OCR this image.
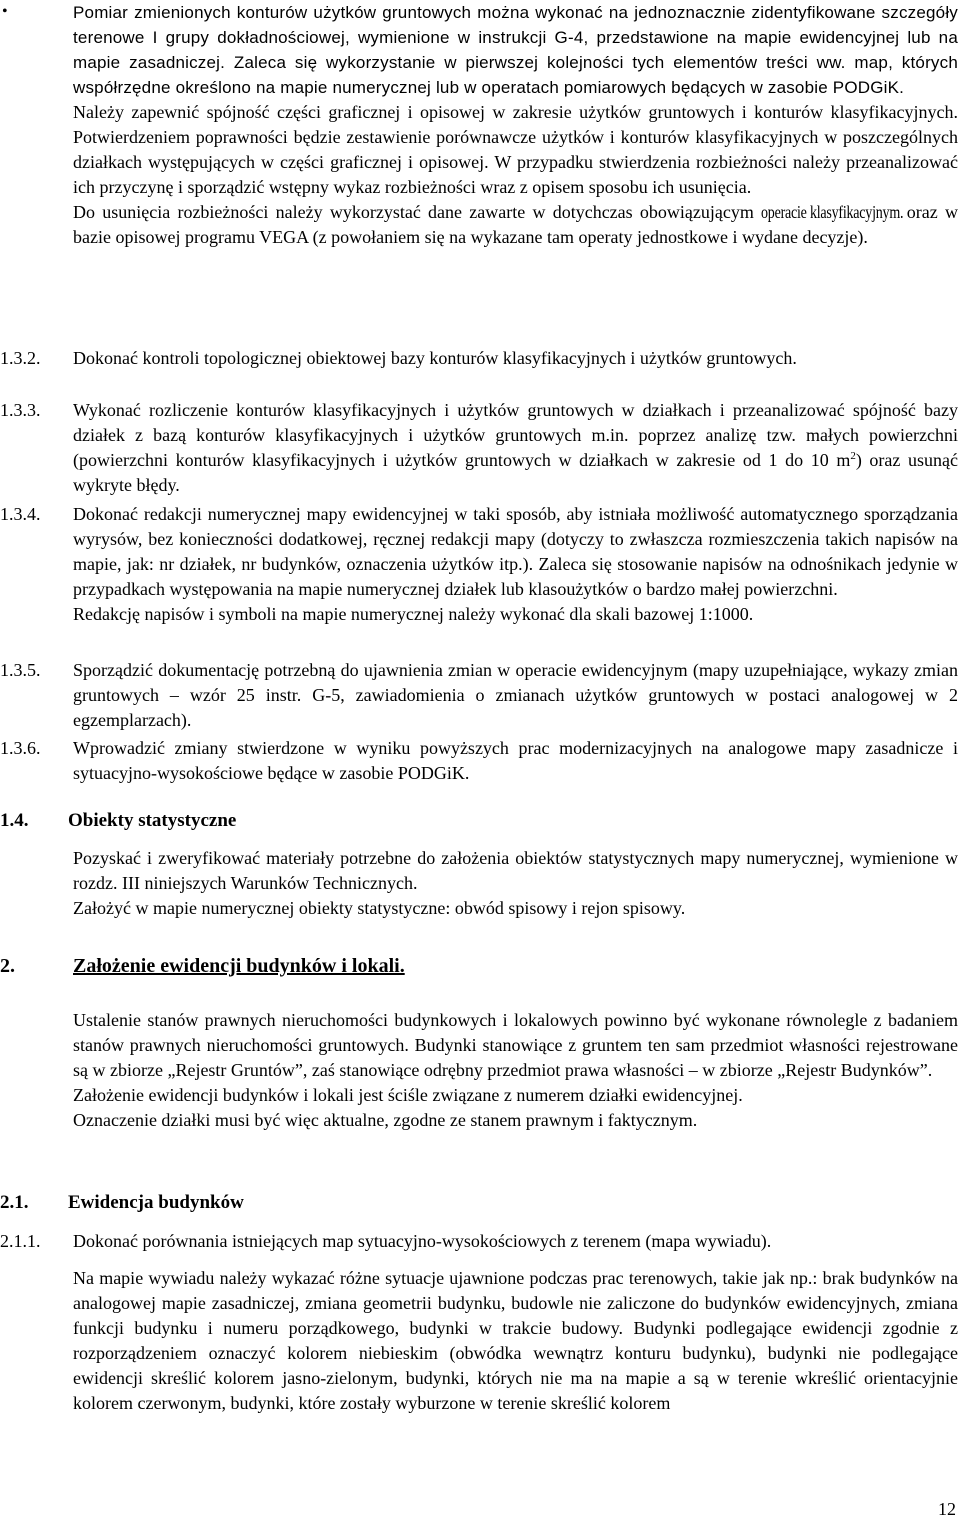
•	Pomiar zmienionych konturów użytków gruntowych można wykonać na jednoznacznie zidentyfikowane szczegóły terenowe I grupy dokładnościowej, wymienione w instrukcji G-4, przedstawione na mapie ewidencyjnej lub na mapie zasadniczej. Zaleca się wykorzystanie w pierwszej kolejności tych elementów treści ww. map, których współrzędne określono na mapie numerycznej lub w operatach pomiarowych będących w zasobie PODGiK.

Należy zapewnić spójność części graficznej i opisowej w zakresie użytków gruntowych i konturów klasyfikacyjnych. Potwierdzeniem poprawności będzie zestawienie porównawcze użytków i konturów klasyfikacyjnych w poszczególnych działkach występujących w części graficznej i opisowej. W przypadku stwierdzenia rozbieżności należy przeanalizować ich przyczynę i sporządzić wstępny wykaz rozbieżności wraz z opisem sposobu ich usunięcia.

Do usunięcia rozbieżności należy wykorzystać dane zawarte w dotychczas obowiązującym operacie klasyfikacyjnym. oraz w bazie opisowej programu VEGA (z powołaniem się na wykazane tam operaty jednostkowe i wydane decyzje).

1.3.2. Dokonać kontroli topologicznej obiektowej bazy konturów klasyfikacyjnych i użytków gruntowych.

1.3.3. Wykonać rozliczenie konturów klasyfikacyjnych i użytków gruntowych w działkach i przeanalizować spójność bazy działek z bazą konturów klasyfikacyjnych i użytków gruntowych m.in. poprzez analizę tzw. małych powierzchni (powierzchni konturów klasyfikacyjnych i użytków gruntowych w działkach w zakresie od 1 do 10 $m^2$) oraz usunąć wykryte błędy.

1.3.4. Dokonać redakcji numerycznej mapy ewidencyjnej w taki sposób, aby istniała możliwość automatycznego sporządzania wyrysów, bez konieczności dodatkowej, ręcznej redakcji mapy (dotyczy to zwłaszcza rozmieszczenia takich napisów na mapie, jak: nr działek, nr budynków, oznaczenia użytków itp.). Zaleca się stosowanie napisów na odnośnikach jedynie w przypadkach występowania na mapie numerycznej działek lub klasoużytków o bardzo małej powierzchni.

Redakcję napisów i symboli na mapie numerycznej należy wykonać dla skali bazowej 1:1000.

1.3.5. Sporządzić dokumentację potrzebną do ujawnienia zmian w operacie ewidencyjnym (mapy uzupełniające, wykazy zmian gruntowych – wzór 25 instr. G-5, zawiadomienia o zmianach użytków gruntowych w postaci analogowej w 2 egzemplarzach).

1.3.6. Wprowadzić zmiany stwierdzone w wyniku powyższych prac modernizacyjnych na analogowe mapy zasadnicze i sytuacyjno-wysokościowe będące w zasobie PODGiK.

1.4. Obiekty statystyczne

Pozyskać i zweryfikować materiały potrzebne do założenia obiektów statystycznych mapy numerycznej, wymienione w rozdz. III niniejszych Warunków Technicznych.

Założyć w mapie numerycznej obiekty statystyczne: obwód spisowy i rejon spisowy.

2.	Założenie ewidencji budynków i lokali.

Ustalenie stanów prawnych nieruchomości budynkowych i lokalowych powinno być wykonane równolegle z badaniem stanów prawnych nieruchomości gruntowych. Budynki stanowiące z gruntem ten sam przedmiot własności rejestrowane są w zbiorze „Rejestr Gruntów”, zaś stanowiące odrębny przedmiot prawa własności – w zbiorze „Rejestr Budynków”.

Założenie ewidencji budynków i lokali jest ściśle związane z numerem działki ewidencyjnej.

Oznaczenie działki musi być więc aktualne, zgodne ze stanem prawnym i faktycznym.

2.1. Ewidencja budynków
2.1.1. Dokonać porównania istniejących map sytuacyjno-wysokościowych z terenem (mapa wywiadu).

Na mapie wywiadu należy wykazać różne sytuacje ujawnione podczas prac terenowych, takie jak np.: brak budynków na analogowej mapie zasadniczej, zmiana geometrii budynku, budowle nie zaliczone do budynków ewidencyjnych, zmiana funkcji budynku i numeru porządkowego, budynki w trakcie budowy. Budynki podlegające ewidencji zgodnie z rozporządzeniem oznaczyć kolorem niebieskim (obwódka wewnątrz konturu budynku), budynki nie podlegające ewidencji skreślić kolorem jasno-zielonym, budynki, których nie ma na mapie a są w terenie wkreślić orientacyjnie kolorem czerwonym, budynki, które zostały wyburzone w terenie skreślić kolorem

12
